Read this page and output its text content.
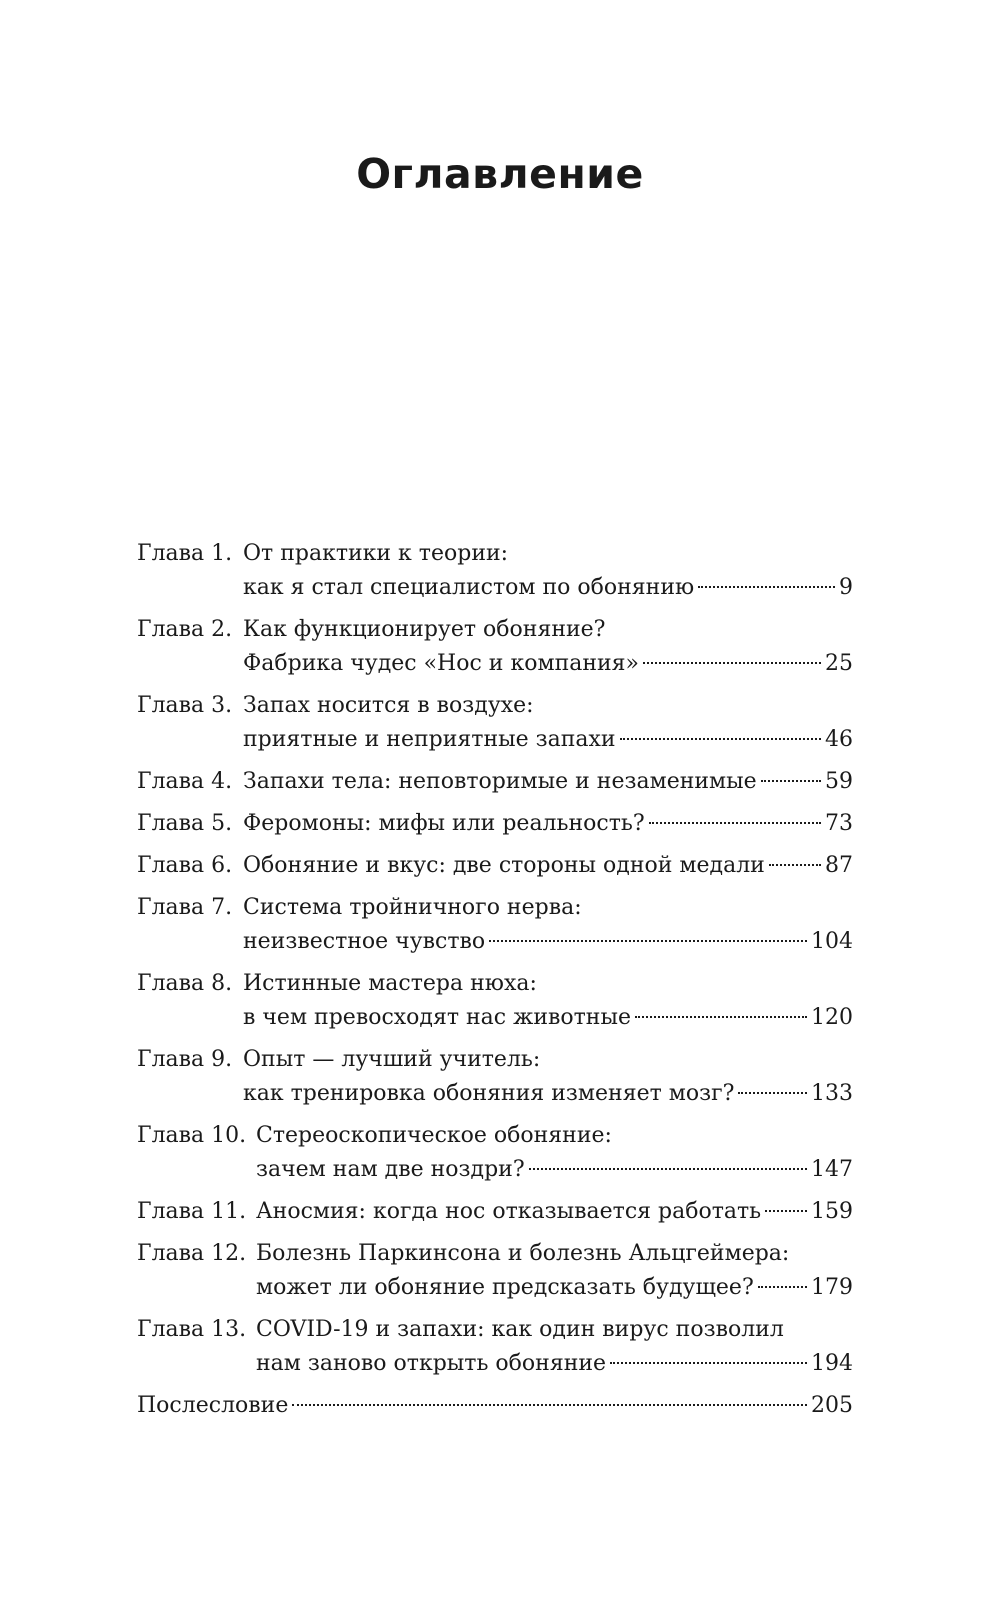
Оглавление
Глава 1. От практики к теории:
как я стал специалистом по обонянию	9
Глава 2. Как функционирует обоняние?
Фабрика чудес «Нос и компания»	25
Глава 3. Запах носится в воздухе:
приятные и неприятные запахи	46
Глава 4. Запахи тела: неповторимые и незаменимые	59
Глава 5. Феромоны: мифы или реальность?	73
Глава 6. Обоняние и вкус: две стороны одной медали	87
Глава 7. Система тройничного нерва:
неизвестное чувство	104
Глава 8. Истинные мастера нюха:
в чем превосходят нас животные	120
Глава 9. Опыт — лучший учитель:
как тренировка обоняния изменяет мозг?	133
Глава 10. Стереоскопическое обоняние:
зачем нам две ноздри?	147
Глава 11. Аносмия: когда нос отказывается работать 159
Глава 12. Болезнь Паркинсона и болезнь Альцгеймера:
может ли обоняние предсказать будущее?	179
Глава 13. COVID-19 и запахи: как один вирус позволил
нам заново открыть обоняние	194
Послесловие	205
